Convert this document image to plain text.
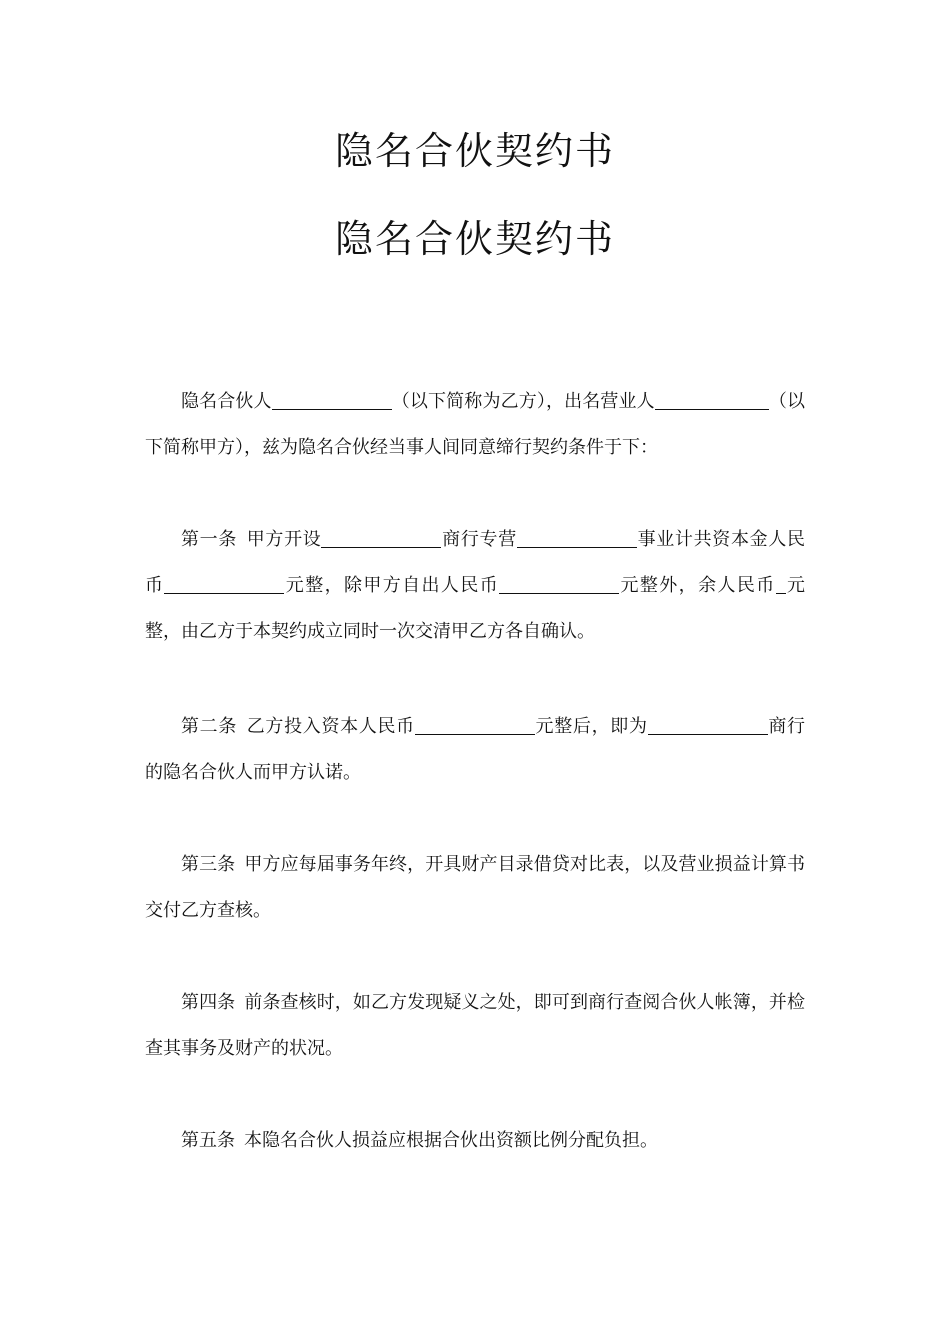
隐名合伙契约书
隐名合伙契约书

隐名合伙人	（以下简称为乙方），出名营业人	（以下简称甲方），兹为隐名合伙经当事人间同意缔行契约条件于下：

第一条 甲方开设	商行专营	事业计共资本金人民币	元整，除甲方自出人民币	元整外，余人民币 元整，由乙方于本契约成立同时一次交清甲乙方各自确认。

第二条 乙方投入资本人民币	元整后，即为	商行的隐名合伙人而甲方认诺。

第三条 甲方应每届事务年终，开具财产目录借贷对比表，以及营业损益计算书交付乙方查核。

第四条 前条查核时，如乙方发现疑义之处，即可到商行查阅合伙人帐簿，并检查其事务及财产的状况。

第五条 本隐名合伙人损益应根据合伙出资额比例分配负担。
